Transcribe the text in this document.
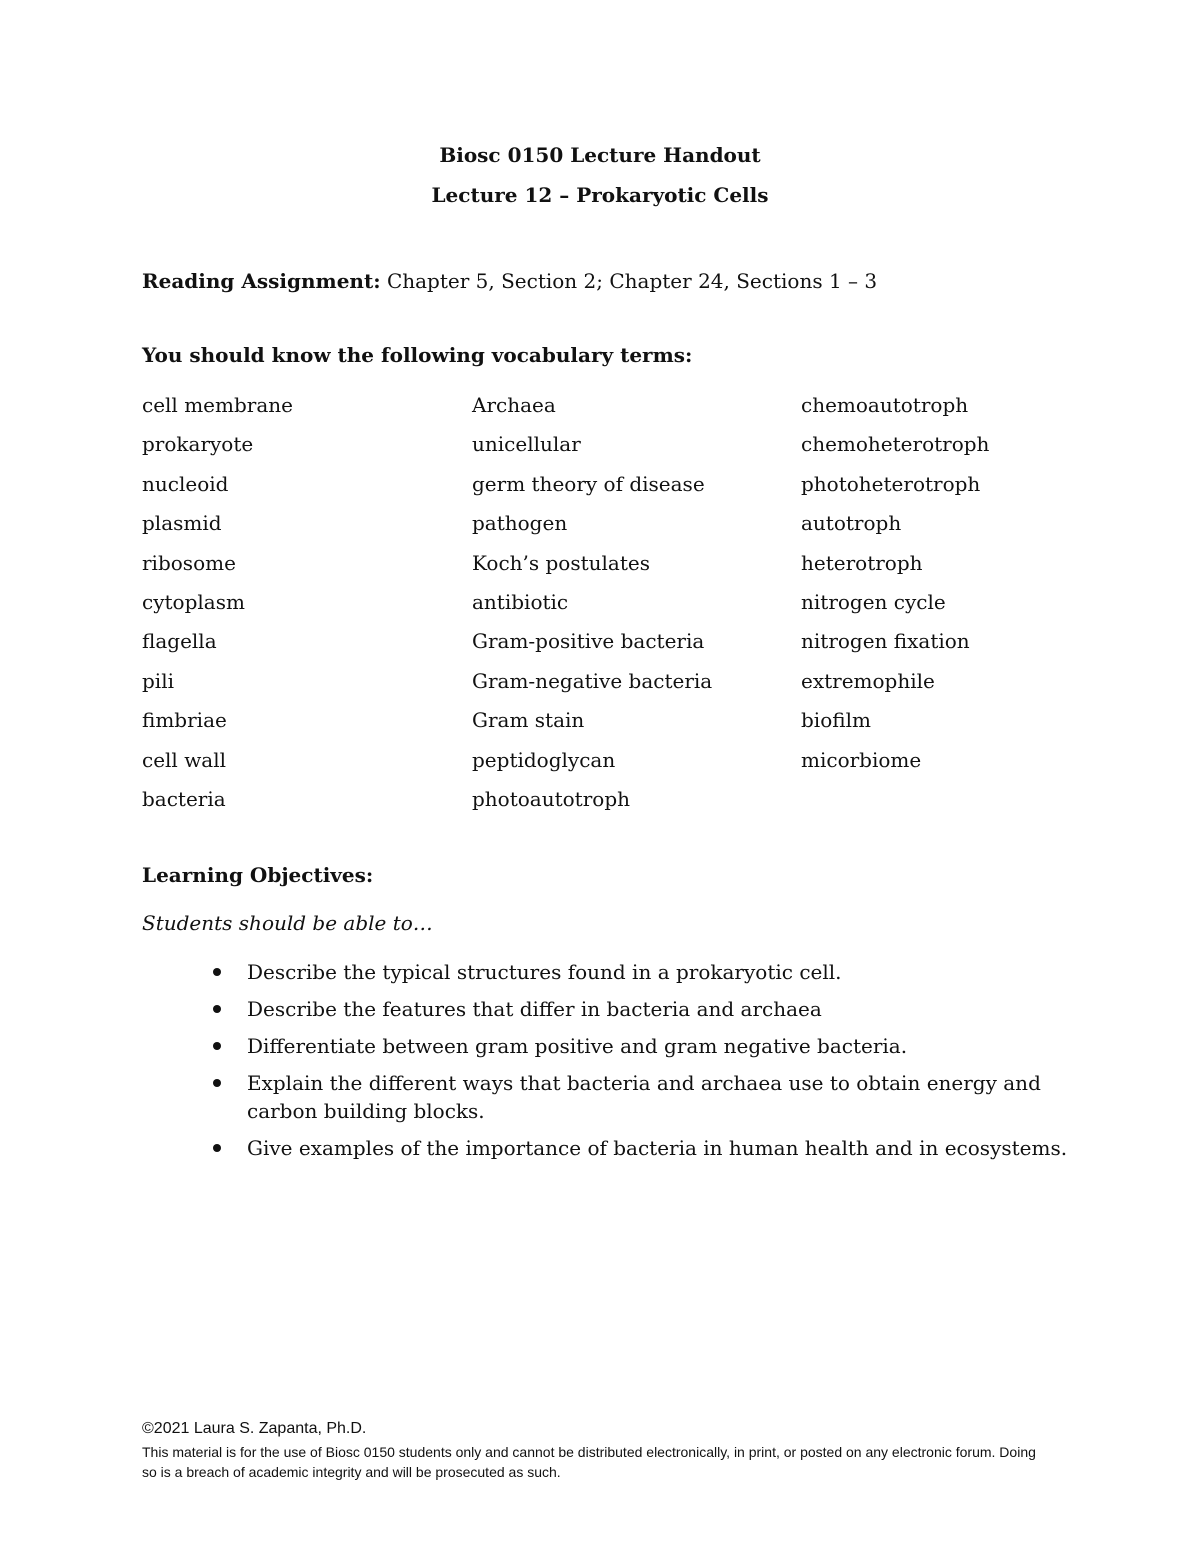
Biosc 0150 Lecture Handout
Lecture 12 – Prokaryotic Cells
Reading Assignment: Chapter 5, Section 2; Chapter 24, Sections 1 – 3
You should know the following vocabulary terms:
cell membrane
prokaryote
nucleoid
plasmid
ribosome
cytoplasm
flagella
pili
fimbriae
cell wall
bacteria
Archaea
unicellular
germ theory of disease
pathogen
Koch’s postulates
antibiotic
Gram-positive bacteria
Gram-negative bacteria
Gram stain
peptidoglycan
photoautotroph
chemoautotroph
chemoheterotroph
photoheterotroph
autotroph
heterotroph
nitrogen cycle
nitrogen fixation
extremophile
biofilm
micorbiome
Learning Objectives:
Students should be able to…
Describe the typical structures found in a prokaryotic cell.
Describe the features that differ in bacteria and archaea
Differentiate between gram positive and gram negative bacteria.
Explain the different ways that bacteria and archaea use to obtain energy and carbon building blocks.
Give examples of the importance of bacteria in human health and in ecosystems.
©2021 Laura S. Zapanta, Ph.D.
This material is for the use of Biosc 0150 students only and cannot be distributed electronically, in print, or posted on any electronic forum. Doing so is a breach of academic integrity and will be prosecuted as such.
